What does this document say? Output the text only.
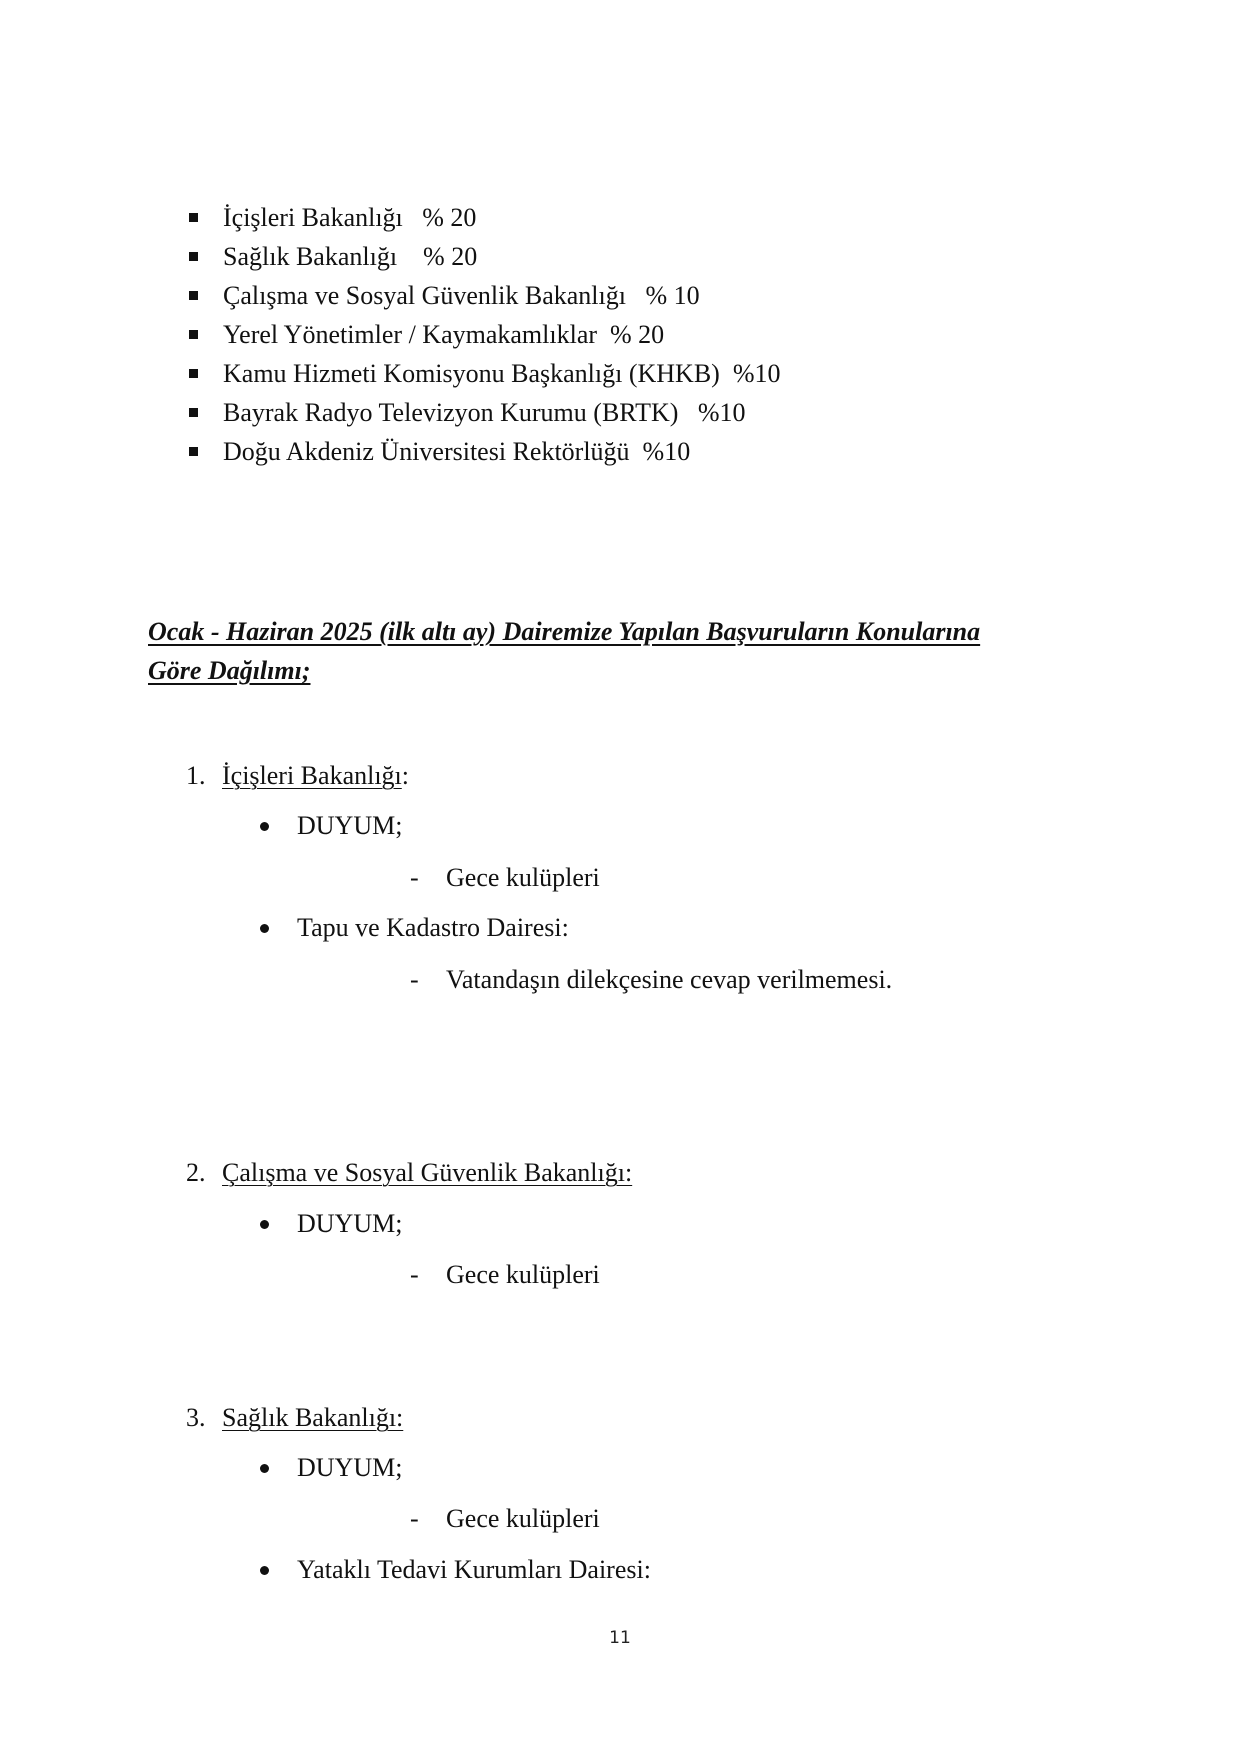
İçişleri Bakanlığı   % 20
Sağlık Bakanlığı    % 20
Çalışma ve Sosyal Güvenlik Bakanlığı   % 10
Yerel Yönetimler / Kaymakamlıklar  % 20
Kamu Hizmeti Komisyonu Başkanlığı (KHKB)  %10
Bayrak Radyo Televizyon Kurumu (BRTK)   %10
Doğu Akdeniz Üniversitesi Rektörlüğü  %10
Ocak - Haziran 2025 (ilk altı ay) Dairemize Yapılan Başvuruların Konularına
Göre Dağılımı;
1. İçişleri Bakanlığı:
DUYUM;
- Gece kulüpleri
Tapu ve Kadastro Dairesi:
- Vatandaşın dilekçesine cevap verilmemesi.
2. Çalışma ve Sosyal Güvenlik Bakanlığı:
DUYUM;
- Gece kulüpleri
3. Sağlık Bakanlığı:
DUYUM;
- Gece kulüpleri
Yataklı Tedavi Kurumları Dairesi:
11
